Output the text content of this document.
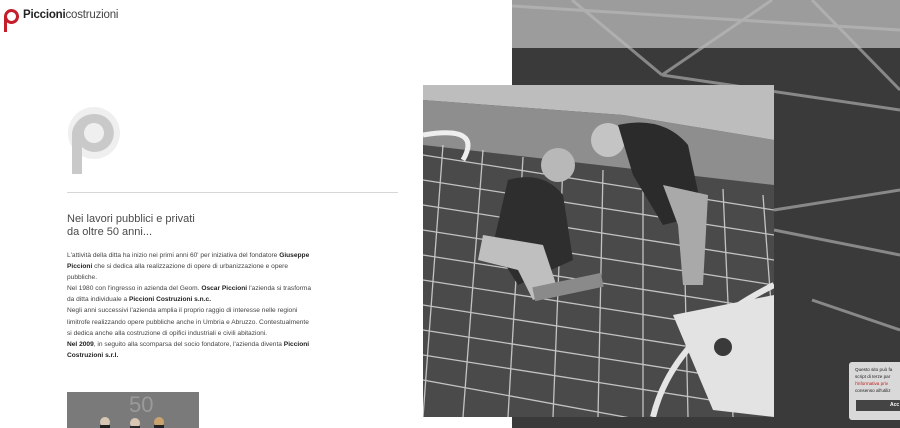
Piccionicostruzioni
Nei lavori pubblici e privati
da oltre 50 anni...

L'attività della ditta ha inizio nei primi anni 60' per iniziativa del fondatore Giuseppe Piccioni che si dedica alla realizzazione di opere di urbanizzazione e opere pubbliche.

Nel 1980 con l'ingresso in azienda del Geom. Oscar Piccioni l'azienda si trasforma da ditta individuale a Piccioni Costruzioni s.n.c.

Negli anni successivi l'azienda amplia il proprio raggio di interesse nelle regioni limitrofe realizzando opere pubbliche anche in Umbria e Abruzzo. Contestualmente si dedica anche alla costruzione di opifici industriali e civili abitazioni.

Nel 2009, in seguito alla scomparsa del socio fondatore, l'azienda diventa Piccioni Costruzioni s.r.l.

50
Questo sito può fa
script di terze par
l'informativa priv
consenso all'utiliz
Acc
